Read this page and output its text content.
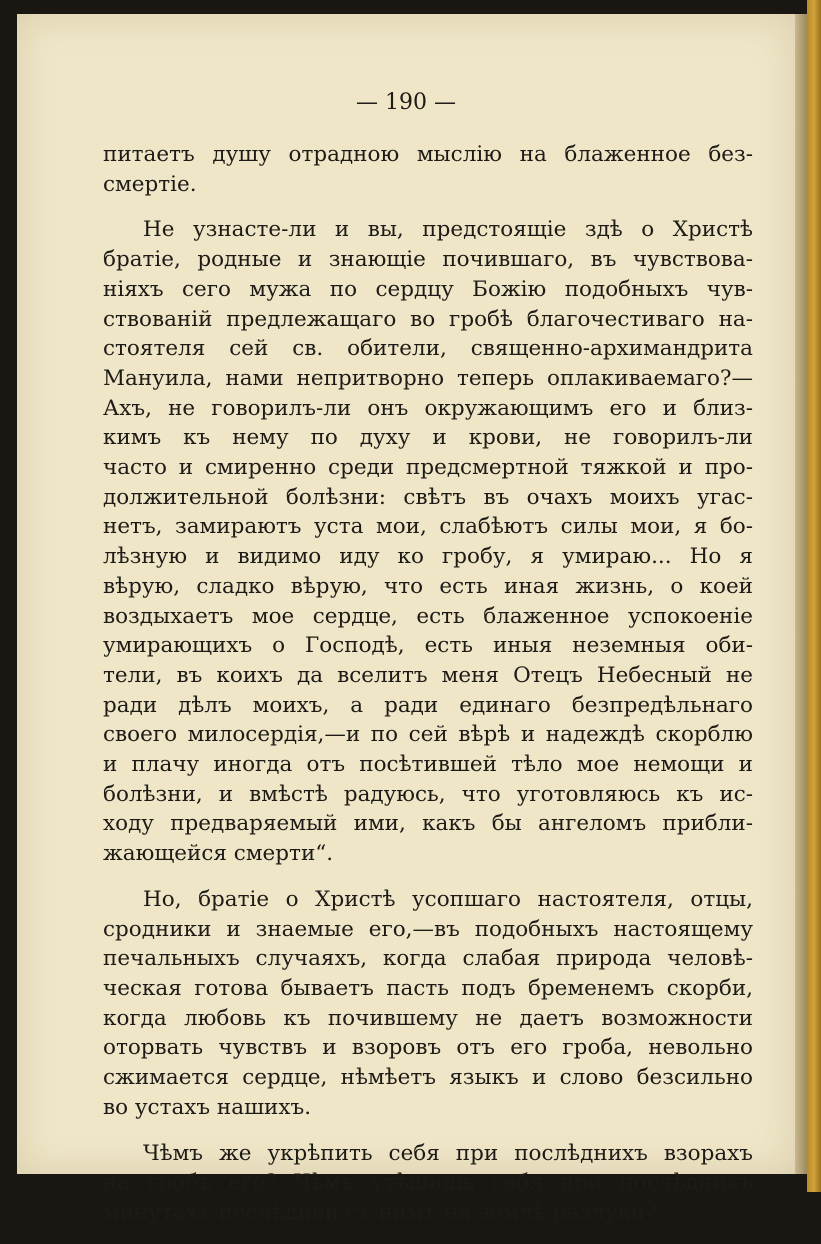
— 190 —
питаетъ душу отрадною мыслію на блаженное без-
смертіе.
Не узнасте-ли и вы, предстоящіе здѣ о Христѣ
братіе, родные и знающіе почившаго, въ чувствова-
ніяхъ сего мужа по сердцу Божію подобныхъ чув-
ствованій предлежащаго во гробѣ благочестиваго на-
стоятеля сей св. обители, священно-архимандрита
Мануила, нами непритворно теперь оплакиваемаго?—
Ахъ, не говорилъ-ли онъ окружающимъ его и близ-
кимъ къ нему по духу и крови, не говорилъ-ли
часто и смиренно среди предсмертной тяжкой и про-
должительной болѣзни: свѣтъ въ очахъ моихъ угас-
нетъ, замираютъ уста мои, слабѣютъ силы мои, я бо-
лѣзную и видимо иду ко гробу, я умираю... Но я
вѣрую, сладко вѣрую, что есть иная жизнь, о коей
воздыхаетъ мое сердце, есть блаженное успокоеніе
умирающихъ о Господѣ, есть иныя неземныя оби-
тели, въ коихъ да вселитъ меня Отецъ Небесный не
ради дѣлъ моихъ, а ради единаго безпредѣльнаго
своего милосердія,—и по сей вѣрѣ и надеждѣ скорблю
и плачу иногда отъ посѣтившей тѣло мое немощи и
болѣзни, и вмѣстѣ радуюсь, что уготовляюсь къ ис-
ходу предваряемый ими, какъ бы ангеломъ прибли-
жающейся смерти“.
Но, братіе о Христѣ усопшаго настоятеля, отцы,
сродники и знаемые его,—въ подобныхъ настоящему
печальныхъ случаяхъ, когда слабая природа человѣ-
ческая готова бываетъ пасть подъ бременемъ скорби,
когда любовь къ почившему не даетъ возможности
оторвать чувствъ и взоровъ отъ его гроба, невольно
сжимается сердце, нѣмѣетъ языкъ и слово безсильно
во устахъ нашихъ.
Чѣмъ же укрѣпить себя при послѣднихъ взорахъ
на гробъ его? Чѣмъ утѣшишь себя при послѣднихъ
минутахъ послѣдней съ нимъ на землѣ разлуки?
